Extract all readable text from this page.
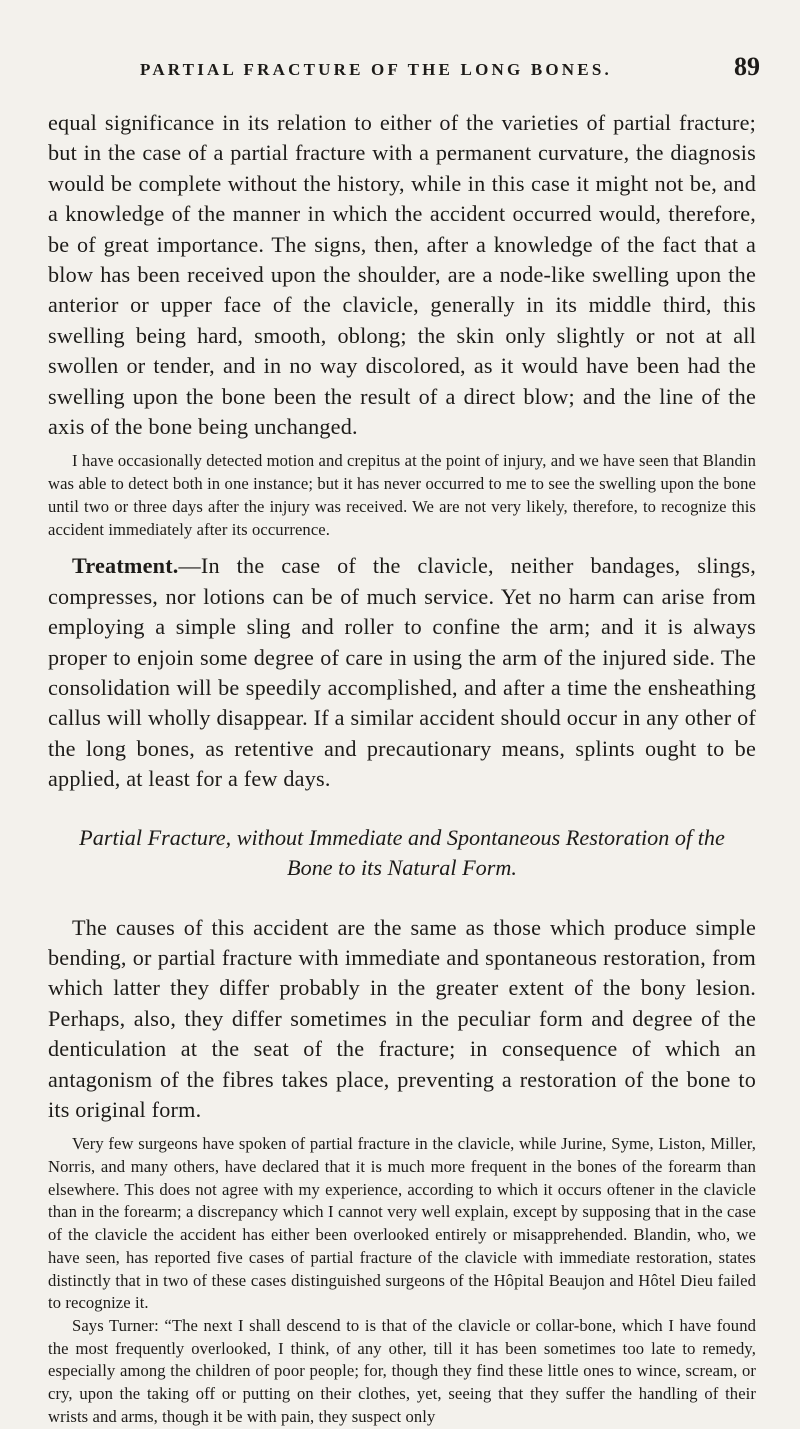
PARTIAL FRACTURE OF THE LONG BONES.	89

equal significance in its relation to either of the varieties of partial fracture; but in the case of a partial fracture with a permanent curvature, the diagnosis would be complete without the history, while in this case it might not be, and a knowledge of the manner in which the accident occurred would, therefore, be of great importance. The signs, then, after a knowledge of the fact that a blow has been received upon the shoulder, are a node-like swelling upon the anterior or upper face of the clavicle, generally in its middle third, this swelling being hard, smooth, oblong; the skin only slightly or not at all swollen or tender, and in no way discolored, as it would have been had the swelling upon the bone been the result of a direct blow; and the line of the axis of the bone being unchanged.

I have occasionally detected motion and crepitus at the point of injury, and we have seen that Blandin was able to detect both in one instance; but it has never occurred to me to see the swelling upon the bone until two or three days after the injury was received. We are not very likely, therefore, to recognize this accident immediately after its occurrence.

Treatment.—In the case of the clavicle, neither bandages, slings, compresses, nor lotions can be of much service. Yet no harm can arise from employing a simple sling and roller to confine the arm; and it is always proper to enjoin some degree of care in using the arm of the injured side. The consolidation will be speedily accomplished, and after a time the ensheathing callus will wholly disappear. If a similar accident should occur in any other of the long bones, as retentive and precautionary means, splints ought to be applied, at least for a few days.

Partial Fracture, without Immediate and Spontaneous Restoration of the Bone to its Natural Form.

The causes of this accident are the same as those which produce simple bending, or partial fracture with immediate and spontaneous restoration, from which latter they differ probably in the greater extent of the bony lesion. Perhaps, also, they differ sometimes in the peculiar form and degree of the denticulation at the seat of the fracture; in consequence of which an antagonism of the fibres takes place, preventing a restoration of the bone to its original form.

Very few surgeons have spoken of partial fracture in the clavicle, while Jurine, Syme, Liston, Miller, Norris, and many others, have declared that it is much more frequent in the bones of the forearm than elsewhere. This does not agree with my experience, according to which it occurs oftener in the clavicle than in the forearm; a discrepancy which I cannot very well explain, except by supposing that in the case of the clavicle the accident has either been overlooked entirely or misapprehended. Blandin, who, we have seen, has reported five cases of partial fracture of the clavicle with immediate restoration, states distinctly that in two of these cases distinguished surgeons of the Hôpital Beaujon and Hôtel Dieu failed to recognize it.

Says Turner: “The next I shall descend to is that of the clavicle or collar-bone, which I have found the most frequently overlooked, I think, of any other, till it has been sometimes too late to remedy, especially among the children of poor people; for, though they find these little ones to wince, scream, or cry, upon the taking off or putting on their clothes, yet, seeing that they suffer the handling of their wrists and arms, though it be with pain, they suspect only
